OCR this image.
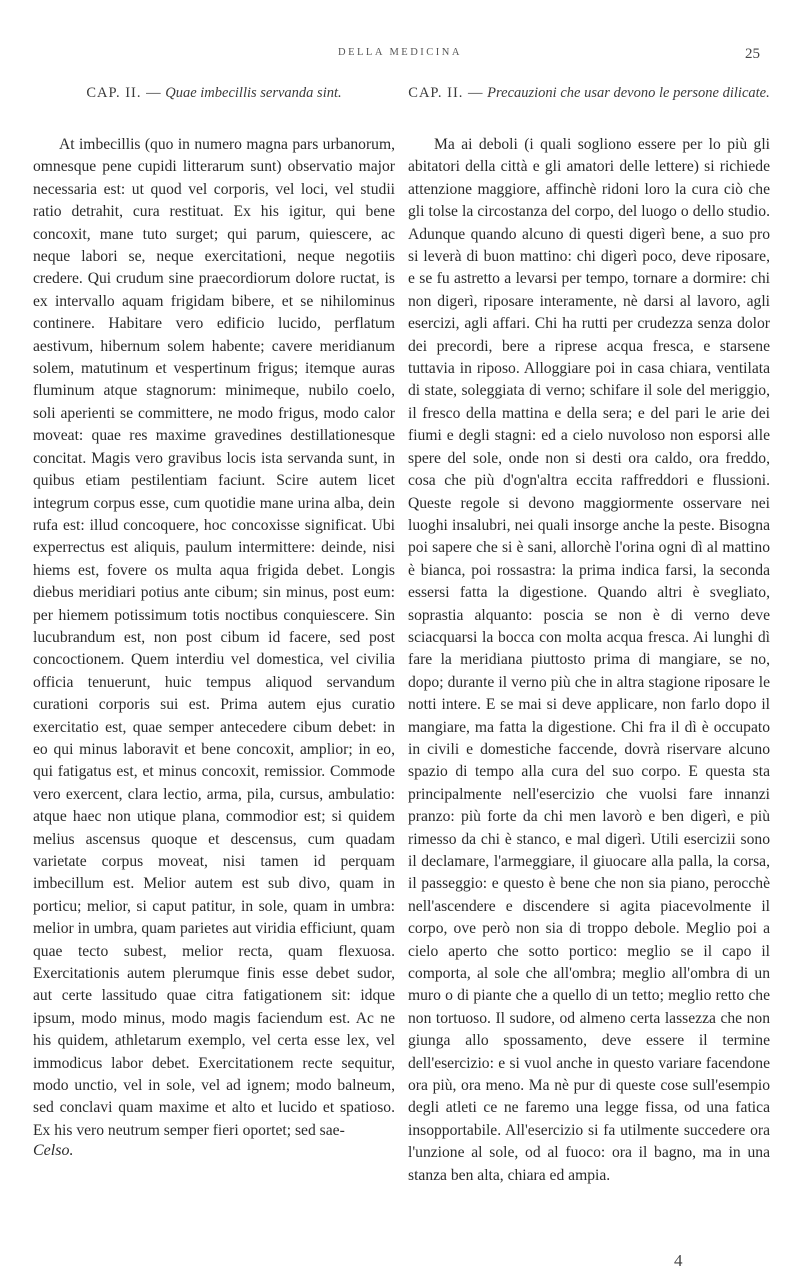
DELLA MEDICINA	25
CAP. II. — Quae imbecillis servanda sint.
At imbecillis (quo in numero magna pars urbanorum, omnesque pene cupidi litterarum sunt) observatio major necessaria est: ut quod vel corporis, vel loci, vel studii ratio detrahit, cura restituat. Ex his igitur, qui bene concoxit, mane tuto surget; qui parum, quiescere, ac neque labori se, neque exercitationi, neque negotiis credere. Qui crudum sine praecordiorum dolore ructat, is ex intervallo aquam frigidam bibere, et se nihilominus continere. Habitare vero edificio lucido, perflatum aestivum, hibernum solem habente; cavere meridianum solem, matutinum et vespertinum frigus; itemque auras fluminum atque stagnorum: minimeque, nubilo coelo, soli aperienti se committere, ne modo frigus, modo calor moveat: quae res maxime gravedines destillationesque concitat. Magis vero gravibus locis ista servanda sunt, in quibus etiam pestilentiam faciunt. Scire autem licet integrum corpus esse, cum quotidie mane urina alba, dein rufa est: illud concoquere, hoc concoxisse significat. Ubi experrectus est aliquis, paulum intermittere: deinde, nisi hiems est, fovere os multa aqua frigida debet. Longis diebus meridiari potius ante cibum; sin minus, post eum: per hiemem potissimum totis noctibus conquiescere. Sin lucubrandum est, non post cibum id facere, sed post concoctionem. Quem interdiu vel domestica, vel civilia officia tenuerunt, huic tempus aliquod servandum curationi corporis sui est. Prima autem ejus curatio exercitatio est, quae semper antecedere cibum debet: in eo qui minus laboravit et bene concoxit, amplior; in eo, qui fatigatus est, et minus concoxit, remissior. Commode vero exercent, clara lectio, arma, pila, cursus, ambulatio: atque haec non utique plana, commodior est; si quidem melius ascensus quoque et descensus, cum quadam varietate corpus moveat, nisi tamen id perquam imbecillum est. Melior autem est sub divo, quam in porticu; melior, si caput patitur, in sole, quam in umbra: melior in umbra, quam parietes aut viridia efficiunt, quam quae tecto subest, melior recta, quam flexuosa. Exercitationis autem plerumque finis esse debet sudor, aut certe lassitudo quae citra fatigationem sit: idque ipsum, modo minus, modo magis faciendum est. Ac ne his quidem, athletarum exemplo, vel certa esse lex, vel immodicus labor debet. Exercitationem recte sequitur, modo unctio, vel in sole, vel ad ignem; modo balneum, sed conclavi quam maxime et alto et lucido et spatioso. Ex his vero neutrum semper fieri oportet; sed sae-
Celso.
CAP. II. — Precauzioni che usar devono le persone dilicate.
Ma ai deboli (i quali sogliono essere per lo più gli abitatori della città e gli amatori delle lettere) si richiede attenzione maggiore, affinchè ridoni loro la cura ciò che gli tolse la circostanza del corpo, del luogo o dello studio. Adunque quando alcuno di questi digerì bene, a suo pro si leverà di buon mattino: chi digerì poco, deve riposare, e se fu astretto a levarsi per tempo, tornare a dormire: chi non digerì, riposare interamente, nè darsi al lavoro, agli esercizi, agli affari. Chi ha rutti per crudezza senza dolor dei precordi, bere a riprese acqua fresca, e starsene tuttavia in riposo. Alloggiare poi in casa chiara, ventilata di state, soleggiata di verno; schifare il sole del meriggio, il fresco della mattina e della sera; e del pari le arie dei fiumi e degli stagni: ed a cielo nuvoloso non esporsi alle spere del sole, onde non si desti ora caldo, ora freddo, cosa che più d'ogn'altra eccita raffreddori e flussioni. Queste regole si devono maggiormente osservare nei luoghi insalubri, nei quali insorge anche la peste. Bisogna poi sapere che si è sani, allorchè l'orina ogni dì al mattino è bianca, poi rossastra: la prima indica farsi, la seconda essersi fatta la digestione. Quando altri è svegliato, soprastia alquanto: poscia se non è di verno deve sciacquarsi la bocca con molta acqua fresca. Ai lunghi dì fare la meridiana piuttosto prima di mangiare, se no, dopo; durante il verno più che in altra stagione riposare le notti intere. E se mai si deve applicare, non farlo dopo il mangiare, ma fatta la digestione. Chi fra il dì è occupato in civili e domestiche faccende, dovrà riservare alcuno spazio di tempo alla cura del suo corpo. E questa sta principalmente nell'esercizio che vuolsi fare innanzi pranzo: più forte da chi men lavorò e ben digerì, e più rimesso da chi è stanco, e mal digerì. Utili esercizii sono il declamare, l'armeggiare, il giuocare alla palla, la corsa, il passeggio: e questo è bene che non sia piano, perocchè nell'ascendere e discendere si agita piacevolmente il corpo, ove però non sia di troppo debole. Meglio poi a cielo aperto che sotto portico: meglio se il capo il comporta, al sole che all'ombra; meglio all'ombra di un muro o di piante che a quello di un tetto; meglio retto che non tortuoso. Il sudore, od almeno certa lassezza che non giunga allo spossamento, deve essere il termine dell'esercizio: e si vuol anche in questo variare facendone ora più, ora meno. Ma nè pur di queste cose sull'esempio degli atleti ce ne faremo una legge fissa, od una fatica insopportabile. All'esercizio si fa utilmente succedere ora l'unzione al sole, od al fuoco: ora il bagno, ma in una stanza ben alta, chiara ed ampia.
4
